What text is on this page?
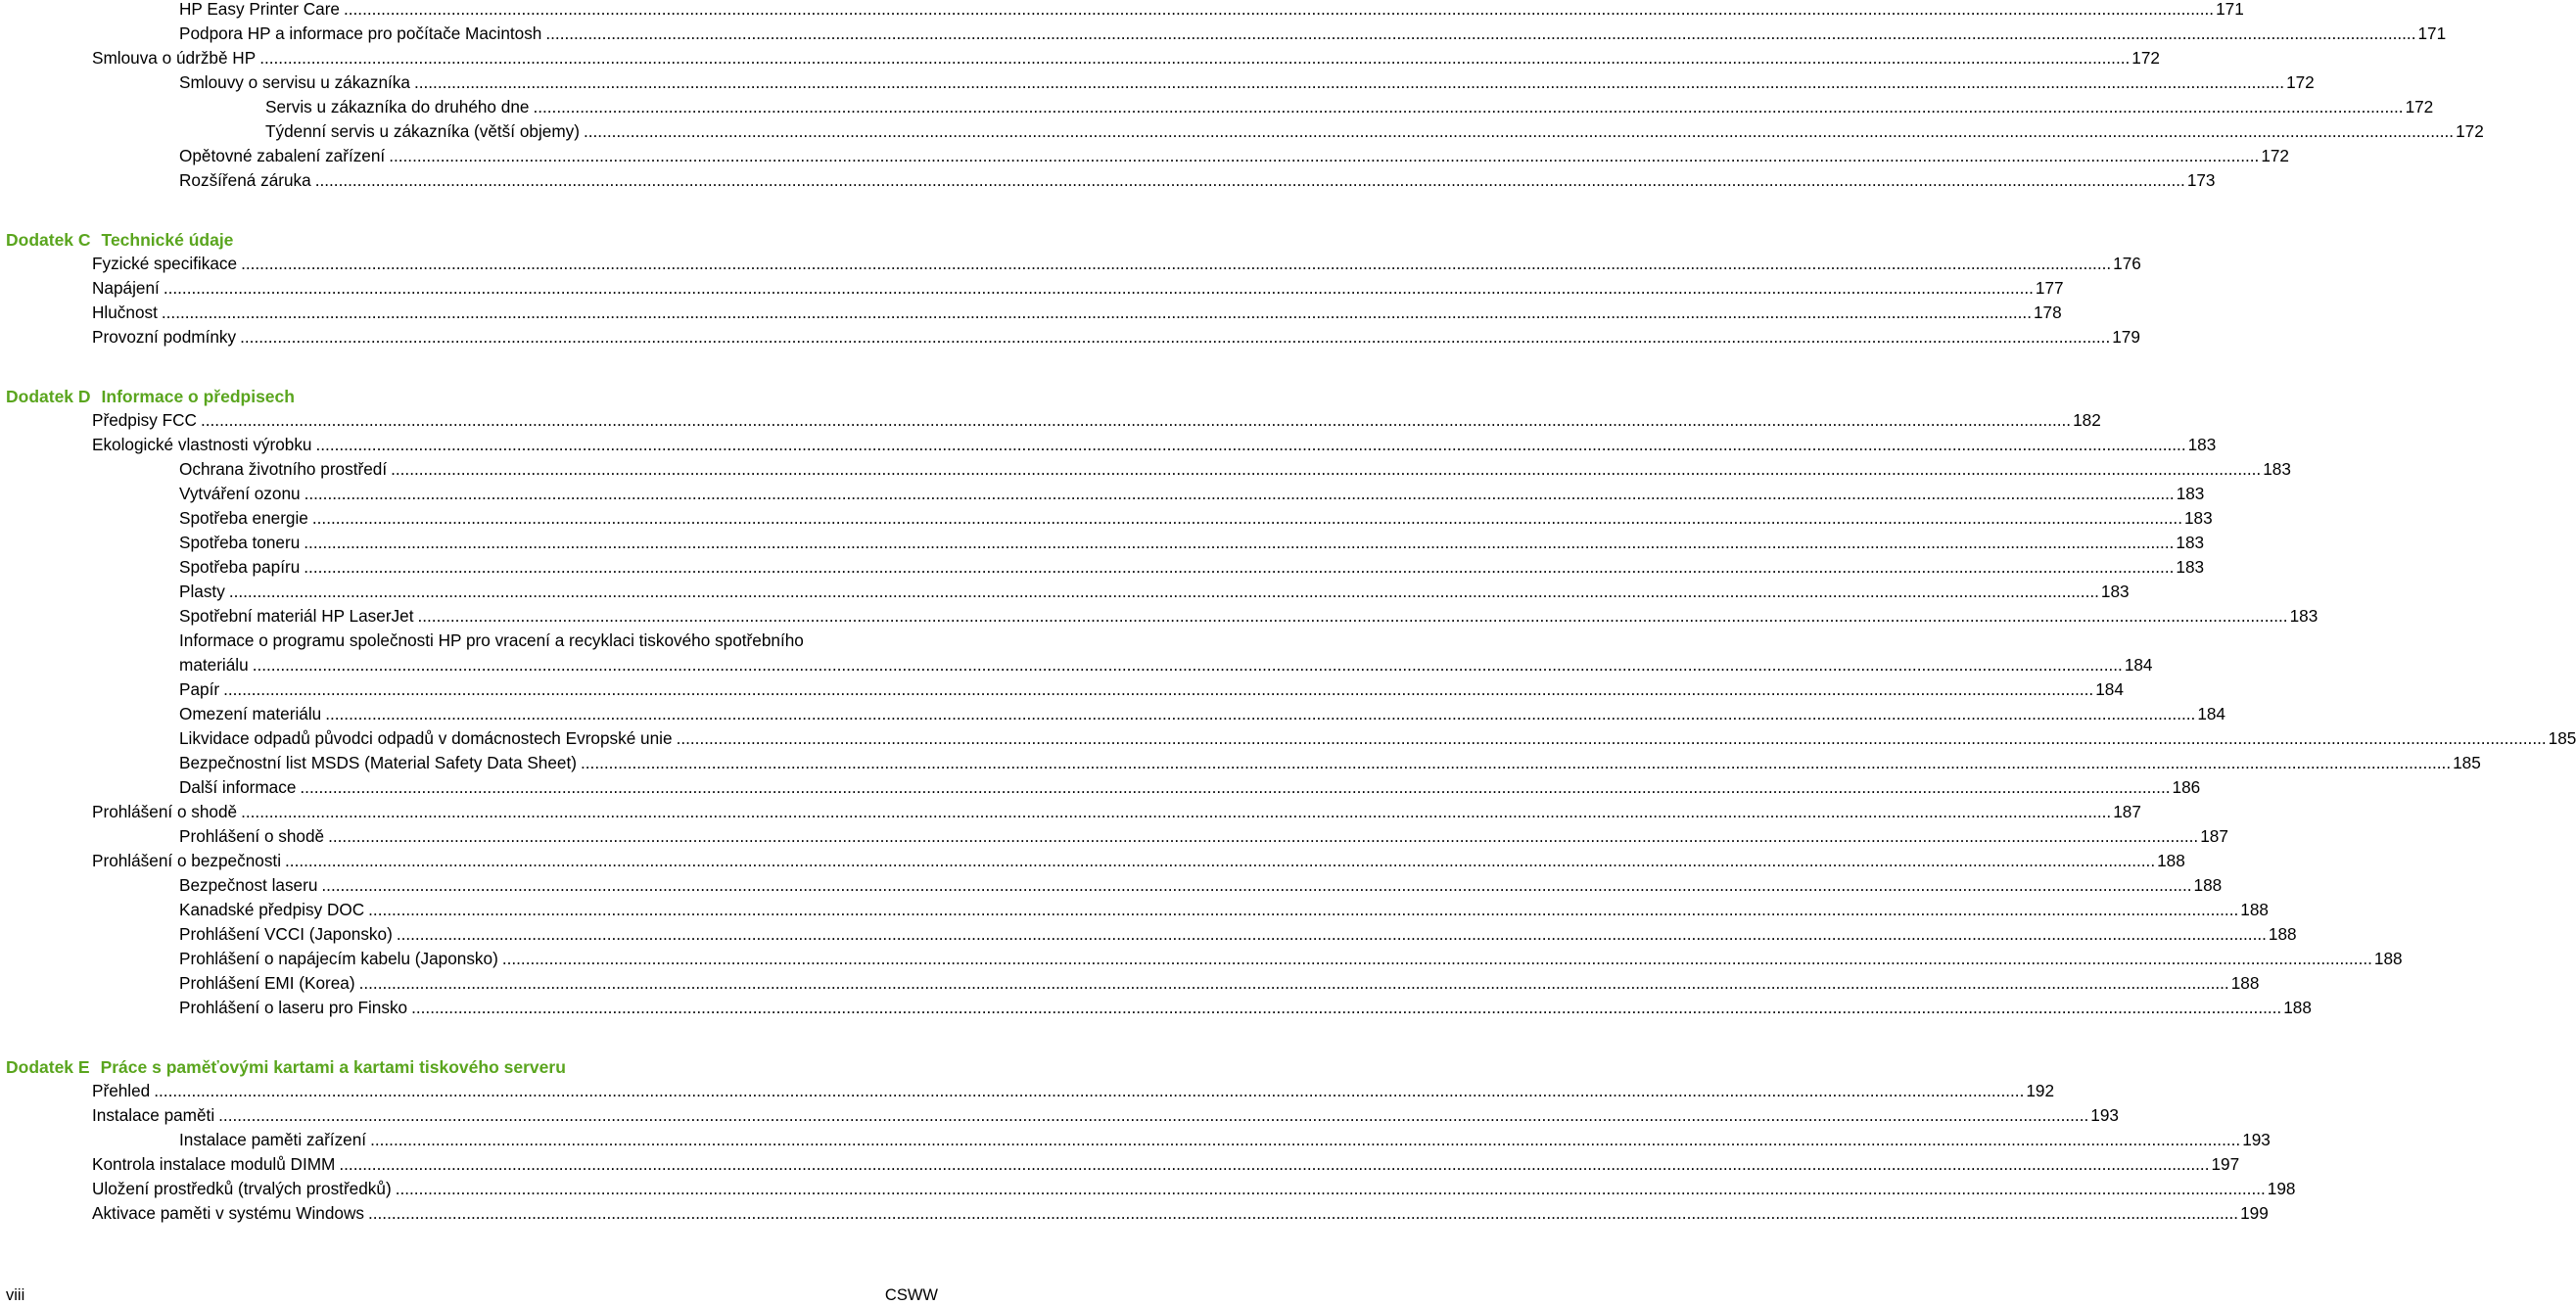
HP Easy Printer Care ................................................................................................................................................................................................................................................................................................................................................................................................................ 171
Podpora HP a informace pro počítače Macintosh ................................................................................................................................................................................................................................................................................................................................................................................................................ 171
Smlouva o údržbě HP ................................................................................................................................................................................................................................................................................................................................................................................................................ 172
Smlouvy o servisu u zákazníka ................................................................................................................................................................................................................................................................................................................................................................................................................ 172
Servis u zákazníka do druhého dne ................................................................................................................................................................................................................................................................................................................................................................................................................ 172
Týdenní servis u zákazníka (větší objemy) ................................................................................................................................................................................................................................................................................................................................................................................................................ 172
Opětovné zabalení zařízení ................................................................................................................................................................................................................................................................................................................................................................................................................ 172
Rozšířená záruka ................................................................................................................................................................................................................................................................................................................................................................................................................ 173
Dodatek C Technické údaje
Fyzické specifikace ................................................................................................................................................................................................................................................................................................................................................................................................................ 176
Napájení ................................................................................................................................................................................................................................................................................................................................................................................................................ 177
Hlučnost ................................................................................................................................................................................................................................................................................................................................................................................................................ 178
Provozní podmínky ................................................................................................................................................................................................................................................................................................................................................................................................................ 179
Dodatek D Informace o předpisech
Předpisy FCC ................................................................................................................................................................................................................................................................................................................................................................................................................ 182
Ekologické vlastnosti výrobku ................................................................................................................................................................................................................................................................................................................................................................................................................ 183
Ochrana životního prostředí ................................................................................................................................................................................................................................................................................................................................................................................................................ 183
Vytváření ozonu ................................................................................................................................................................................................................................................................................................................................................................................................................ 183
Spotřeba energie ................................................................................................................................................................................................................................................................................................................................................................................................................ 183
Spotřeba toneru ................................................................................................................................................................................................................................................................................................................................................................................................................ 183
Spotřeba papíru ................................................................................................................................................................................................................................................................................................................................................................................................................ 183
Plasty ................................................................................................................................................................................................................................................................................................................................................................................................................ 183
Spotřební materiál HP LaserJet ................................................................................................................................................................................................................................................................................................................................................................................................................ 183
Informace o programu společnosti HP pro vracení a recyklaci tiskového spotřebního
materiálu ................................................................................................................................................................................................................................................................................................................................................................................................................ 184
Papír ................................................................................................................................................................................................................................................................................................................................................................................................................ 184
Omezení materiálu ................................................................................................................................................................................................................................................................................................................................................................................................................ 184
Likvidace odpadů původci odpadů v domácnostech Evropské unie ................................................................................................................................................................................................................................................................................................................................................................................................................ 185
Bezpečnostní list MSDS (Material Safety Data Sheet) ................................................................................................................................................................................................................................................................................................................................................................................................................ 185
Další informace ................................................................................................................................................................................................................................................................................................................................................................................................................ 186
Prohlášení o shodě ................................................................................................................................................................................................................................................................................................................................................................................................................ 187
Prohlášení o shodě ................................................................................................................................................................................................................................................................................................................................................................................................................ 187
Prohlášení o bezpečnosti ................................................................................................................................................................................................................................................................................................................................................................................................................ 188
Bezpečnost laseru ................................................................................................................................................................................................................................................................................................................................................................................................................ 188
Kanadské předpisy DOC ................................................................................................................................................................................................................................................................................................................................................................................................................ 188
Prohlášení VCCI (Japonsko) ................................................................................................................................................................................................................................................................................................................................................................................................................ 188
Prohlášení o napájecím kabelu (Japonsko) ................................................................................................................................................................................................................................................................................................................................................................................................................ 188
Prohlášení EMI (Korea) ................................................................................................................................................................................................................................................................................................................................................................................................................ 188
Prohlášení o laseru pro Finsko ................................................................................................................................................................................................................................................................................................................................................................................................................ 188
Dodatek E Práce s paměťovými kartami a kartami tiskového serveru
Přehled ................................................................................................................................................................................................................................................................................................................................................................................................................ 192
Instalace paměti ................................................................................................................................................................................................................................................................................................................................................................................................................ 193
Instalace paměti zařízení ................................................................................................................................................................................................................................................................................................................................................................................................................ 193
Kontrola instalace modulů DIMM ................................................................................................................................................................................................................................................................................................................................................................................................................ 197
Uložení prostředků (trvalých prostředků) ................................................................................................................................................................................................................................................................................................................................................................................................................ 198
Aktivace paměti v systému Windows ................................................................................................................................................................................................................................................................................................................................................................................................................ 199
viii	CSWW
